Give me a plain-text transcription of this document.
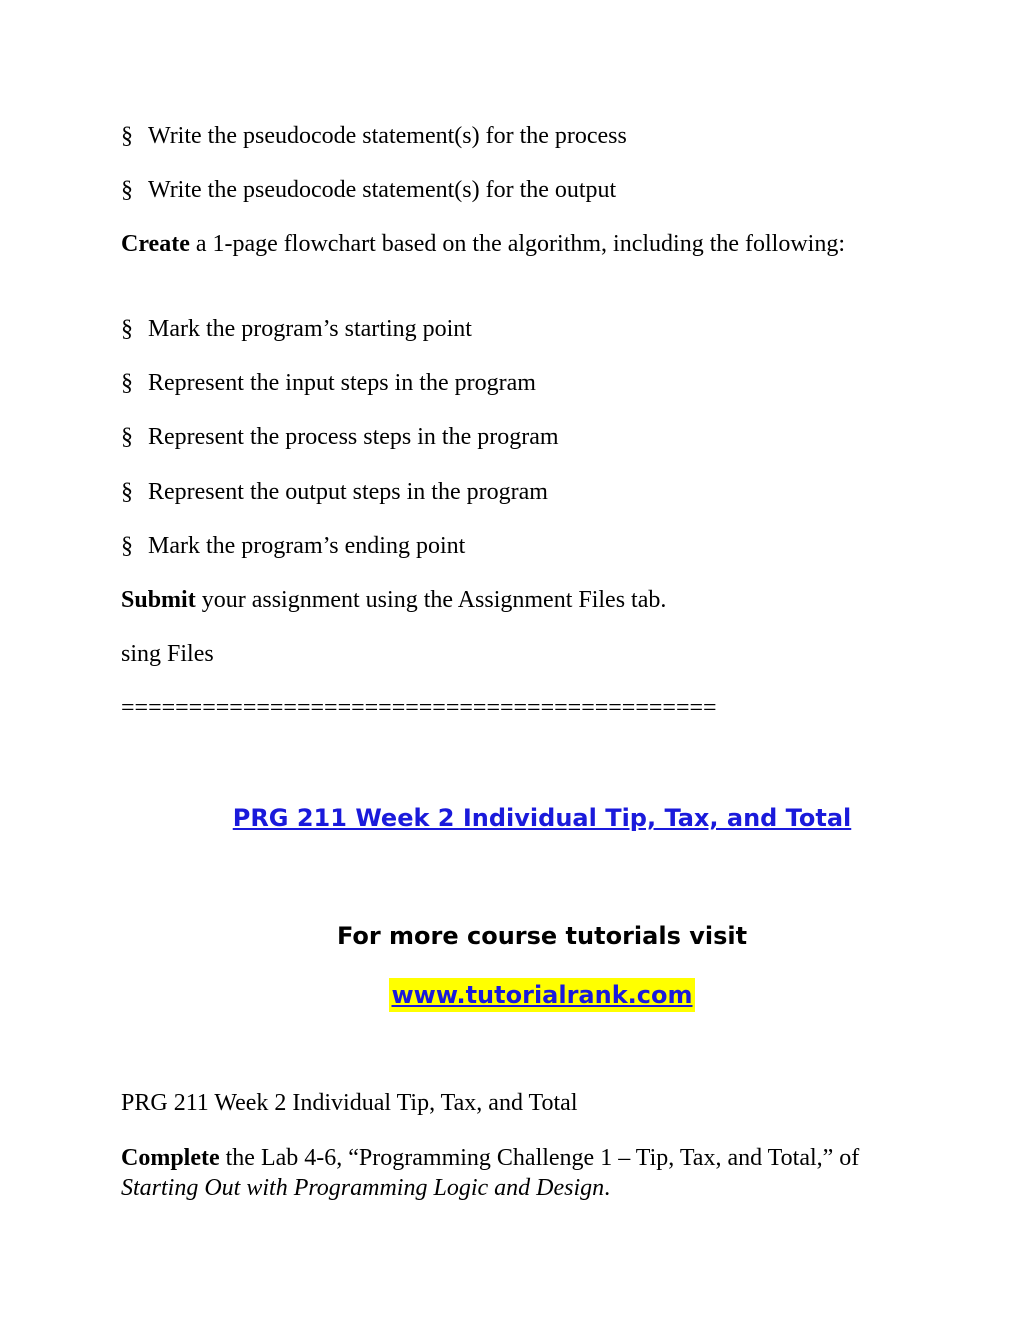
§ Write the pseudocode statement(s) for the process
§ Write the pseudocode statement(s) for the output
Create a 1-page flowchart based on the algorithm, including the following:
§ Mark the program’s starting point
§ Represent the input steps in the program
§ Represent the process steps in the program
§ Represent the output steps in the program
§ Mark the program’s ending point
Submit your assignment using the Assignment Files tab.
sing Files
============================================
PRG 211 Week 2 Individual Tip, Tax, and Total
For more course tutorials visit
www.tutorialrank.com
PRG 211 Week 2 Individual Tip, Tax, and Total
Complete the Lab 4-6, “Programming Challenge 1 – Tip, Tax, and Total,” of Starting Out with Programming Logic and Design.
